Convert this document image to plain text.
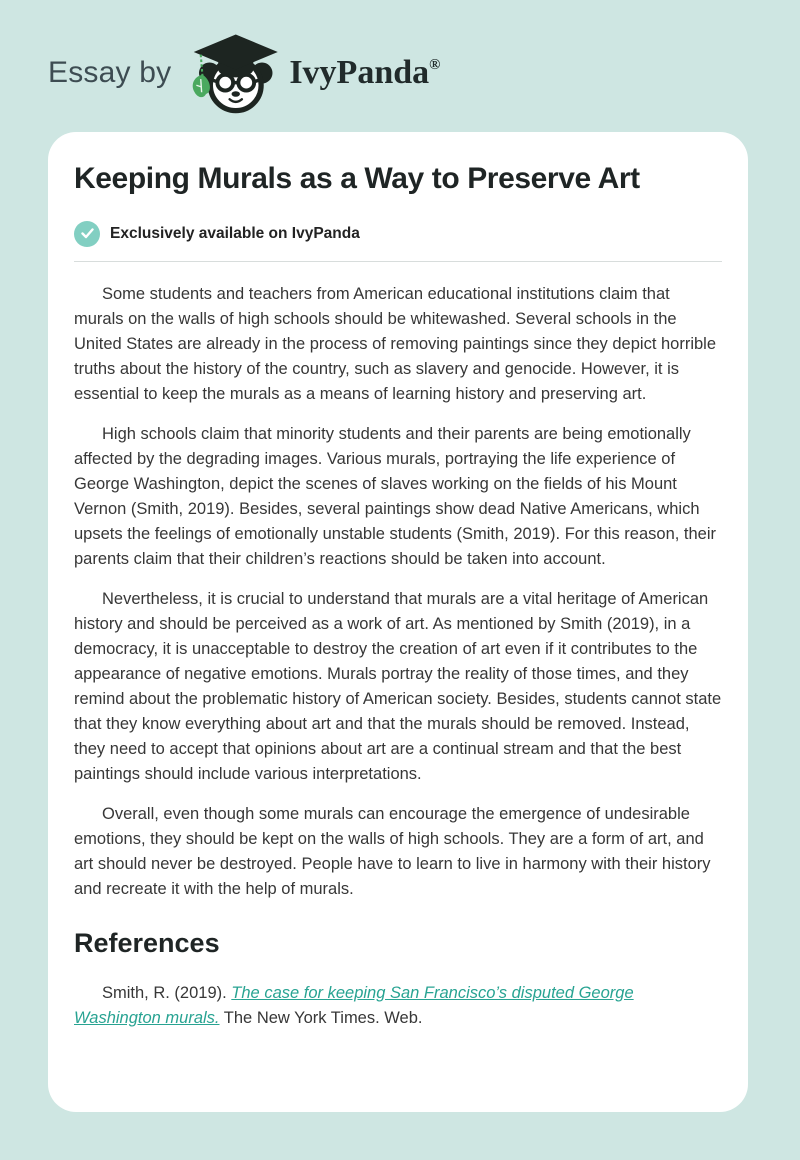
Essay by	IvyPanda®
Keeping Murals as a Way to Preserve Art
Exclusively available on IvyPanda

Some students and teachers from American educational institutions claim that murals on the walls of high schools should be whitewashed. Several schools in the United States are already in the process of removing paintings since they depict horrible truths about the history of the country, such as slavery and genocide. However, it is essential to keep the murals as a means of learning history and preserving art.

High schools claim that minority students and their parents are being emotionally affected by the degrading images. Various murals, portraying the life experience of George Washington, depict the scenes of slaves working on the fields of his Mount Vernon (Smith, 2019). Besides, several paintings show dead Native Americans, which upsets the feelings of emotionally unstable students (Smith, 2019). For this reason, their parents claim that their children’s reactions should be taken into account.

Nevertheless, it is crucial to understand that murals are a vital heritage of American history and should be perceived as a work of art. As mentioned by Smith (2019), in a democracy, it is unacceptable to destroy the creation of art even if it contributes to the appearance of negative emotions. Murals portray the reality of those times, and they remind about the problematic history of American society. Besides, students cannot state that they know everything about art and that the murals should be removed. Instead, they need to accept that opinions about art are a continual stream and that the best paintings should include various interpretations.

Overall, even though some murals can encourage the emergence of undesirable emotions, they should be kept on the walls of high schools. They are a form of art, and art should never be destroyed. People have to learn to live in harmony with their history and recreate it with the help of murals.

References

Smith, R. (2019). The case for keeping San Francisco’s disputed George Washington murals. The New York Times. Web.
